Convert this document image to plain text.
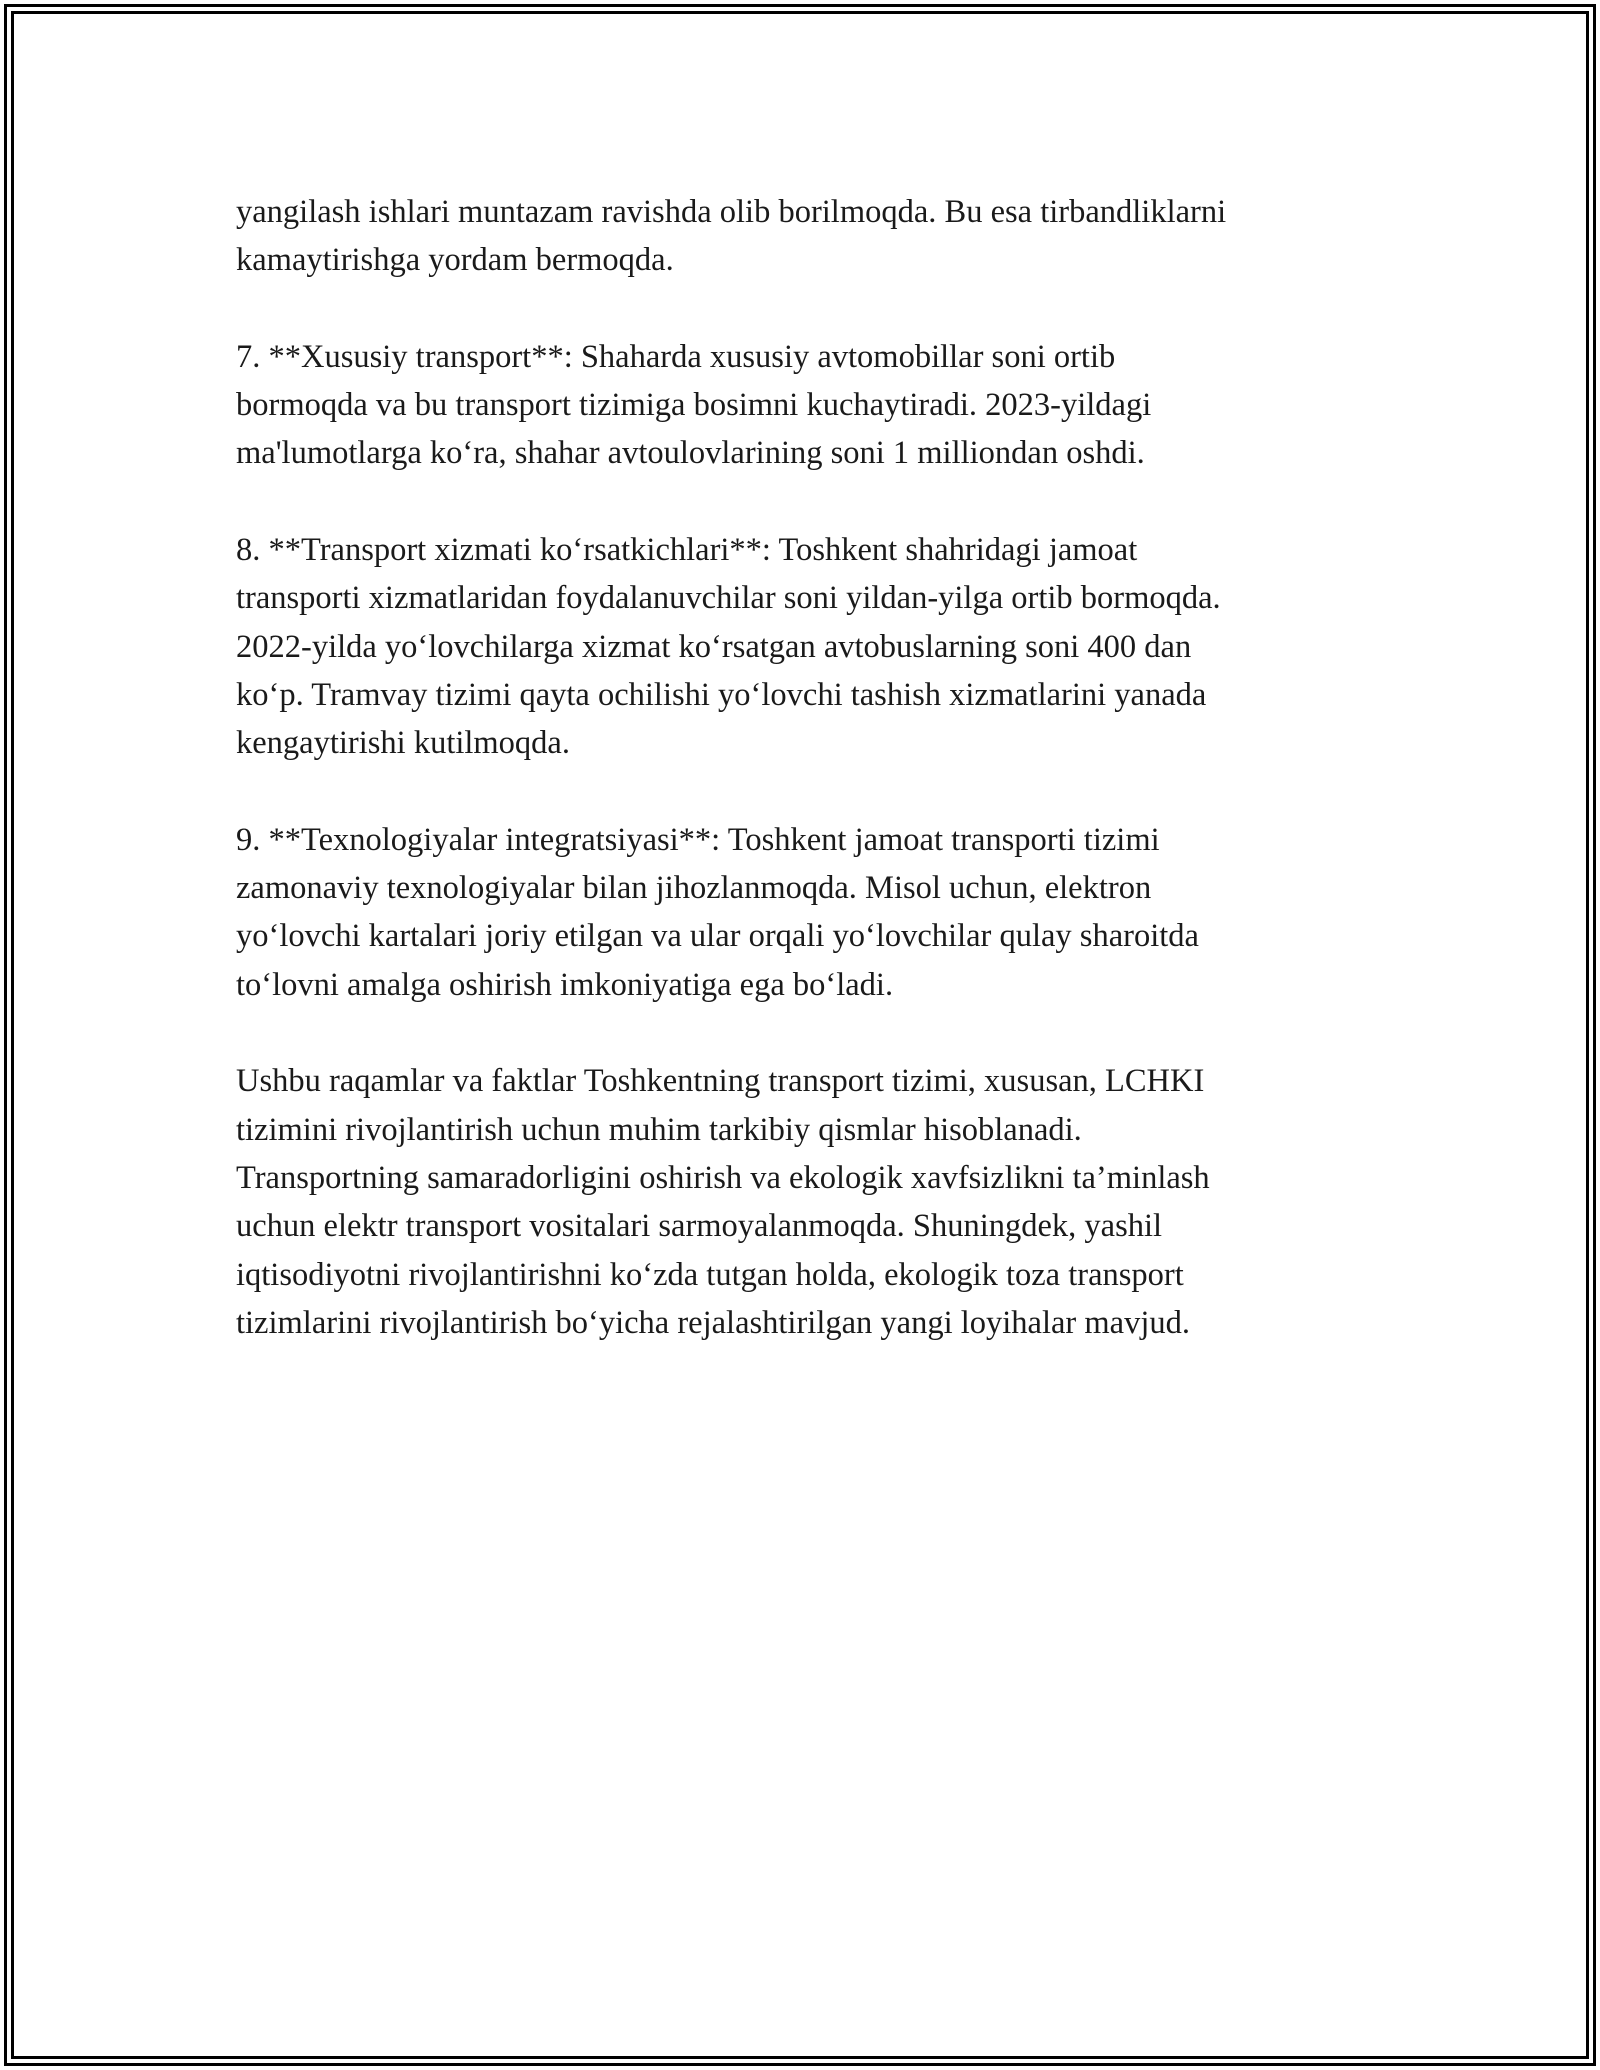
yangilash ishlari muntazam ravishda olib borilmoqda. Bu esa tirbandliklarni
kamaytirishga yordam bermoqda.

7. **Xususiy transport**: Shaharda xususiy avtomobillar soni ortib
bormoqda va bu transport tizimiga bosimni kuchaytiradi. 2023-yildagi
ma'lumotlarga ko‘ra, shahar avtoulovlarining soni 1 milliondan oshdi.

8. **Transport xizmati ko‘rsatkichlari**: Toshkent shahridagi jamoat
transporti xizmatlaridan foydalanuvchilar soni yildan-yilga ortib bormoqda.
2022-yilda yo‘lovchilarga xizmat ko‘rsatgan avtobuslarning soni 400 dan
ko‘p. Tramvay tizimi qayta ochilishi yo‘lovchi tashish xizmatlarini yanada
kengaytirishi kutilmoqda.

9. **Texnologiyalar integratsiyasi**: Toshkent jamoat transporti tizimi
zamonaviy texnologiyalar bilan jihozlanmoqda. Misol uchun, elektron
yo‘lovchi kartalari joriy etilgan va ular orqali yo‘lovchilar qulay sharoitda
to‘lovni amalga oshirish imkoniyatiga ega bo‘ladi.

Ushbu raqamlar va faktlar Toshkentning transport tizimi, xususan, LCHKI
tizimini rivojlantirish uchun muhim tarkibiy qismlar hisoblanadi.
Transportning samaradorligini oshirish va ekologik xavfsizlikni ta’minlash
uchun elektr transport vositalari sarmoyalanmoqda. Shuningdek, yashil
iqtisodiyotni rivojlantirishni ko‘zda tutgan holda, ekologik toza transport
tizimlarini rivojlantirish bo‘yicha rejalashtirilgan yangi loyihalar mavjud.
